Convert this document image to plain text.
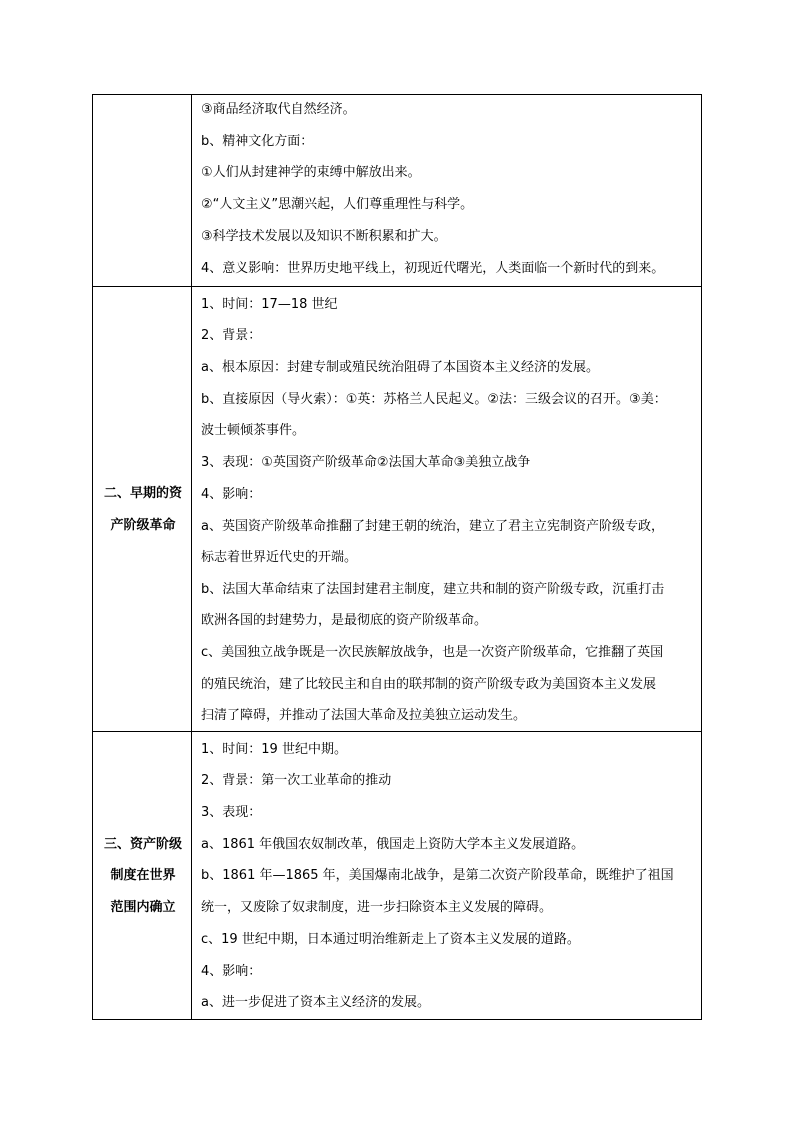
③商品经济取代自然经济。
b、精神文化方面：
①人们从封建神学的束缚中解放出来。
②“人文主义”思潮兴起，人们尊重理性与科学。
③科学技术发展以及知识不断积累和扩大。
4、意义影响：世界历史地平线上，初现近代曙光，人类面临一个新时代的到来。
二、早期的资
产阶级革命
1、时间：17—18 世纪
2、背景：
a、根本原因：封建专制或殖民统治阻碍了本国资本主义经济的发展。
b、直接原因（导火索）：①英：苏格兰人民起义。②法：三级会议的召开。③美：
波士顿倾茶事件。
3、表现：①英国资产阶级革命②法国大革命③美独立战争
4、影响：
a、英国资产阶级革命推翻了封建王朝的统治，建立了君主立宪制资产阶级专政，
标志着世界近代史的开端。
b、法国大革命结束了法国封建君主制度，建立共和制的资产阶级专政，沉重打击
欧洲各国的封建势力，是最彻底的资产阶级革命。
c、美国独立战争既是一次民族解放战争，也是一次资产阶级革命，它推翻了英国
的殖民统治，建了比较民主和自由的联邦制的资产阶级专政为美国资本主义发展
扫清了障碍，并推动了法国大革命及拉美独立运动发生。
三、资产阶级
制度在世界
范围内确立
1、时间：19 世纪中期。
2、背景：第一次工业革命的推动
3、表现：
a、1861 年俄国农奴制改革，俄国走上资防大学本主义发展道路。
b、1861 年—1865 年，美国爆南北战争，是第二次资产阶段革命，既维护了祖国
统一，又废除了奴隶制度，进一步扫除资本主义发展的障碍。
c、19 世纪中期，日本通过明治维新走上了资本主义发展的道路。
4、影响：
a、进一步促进了资本主义经济的发展。
